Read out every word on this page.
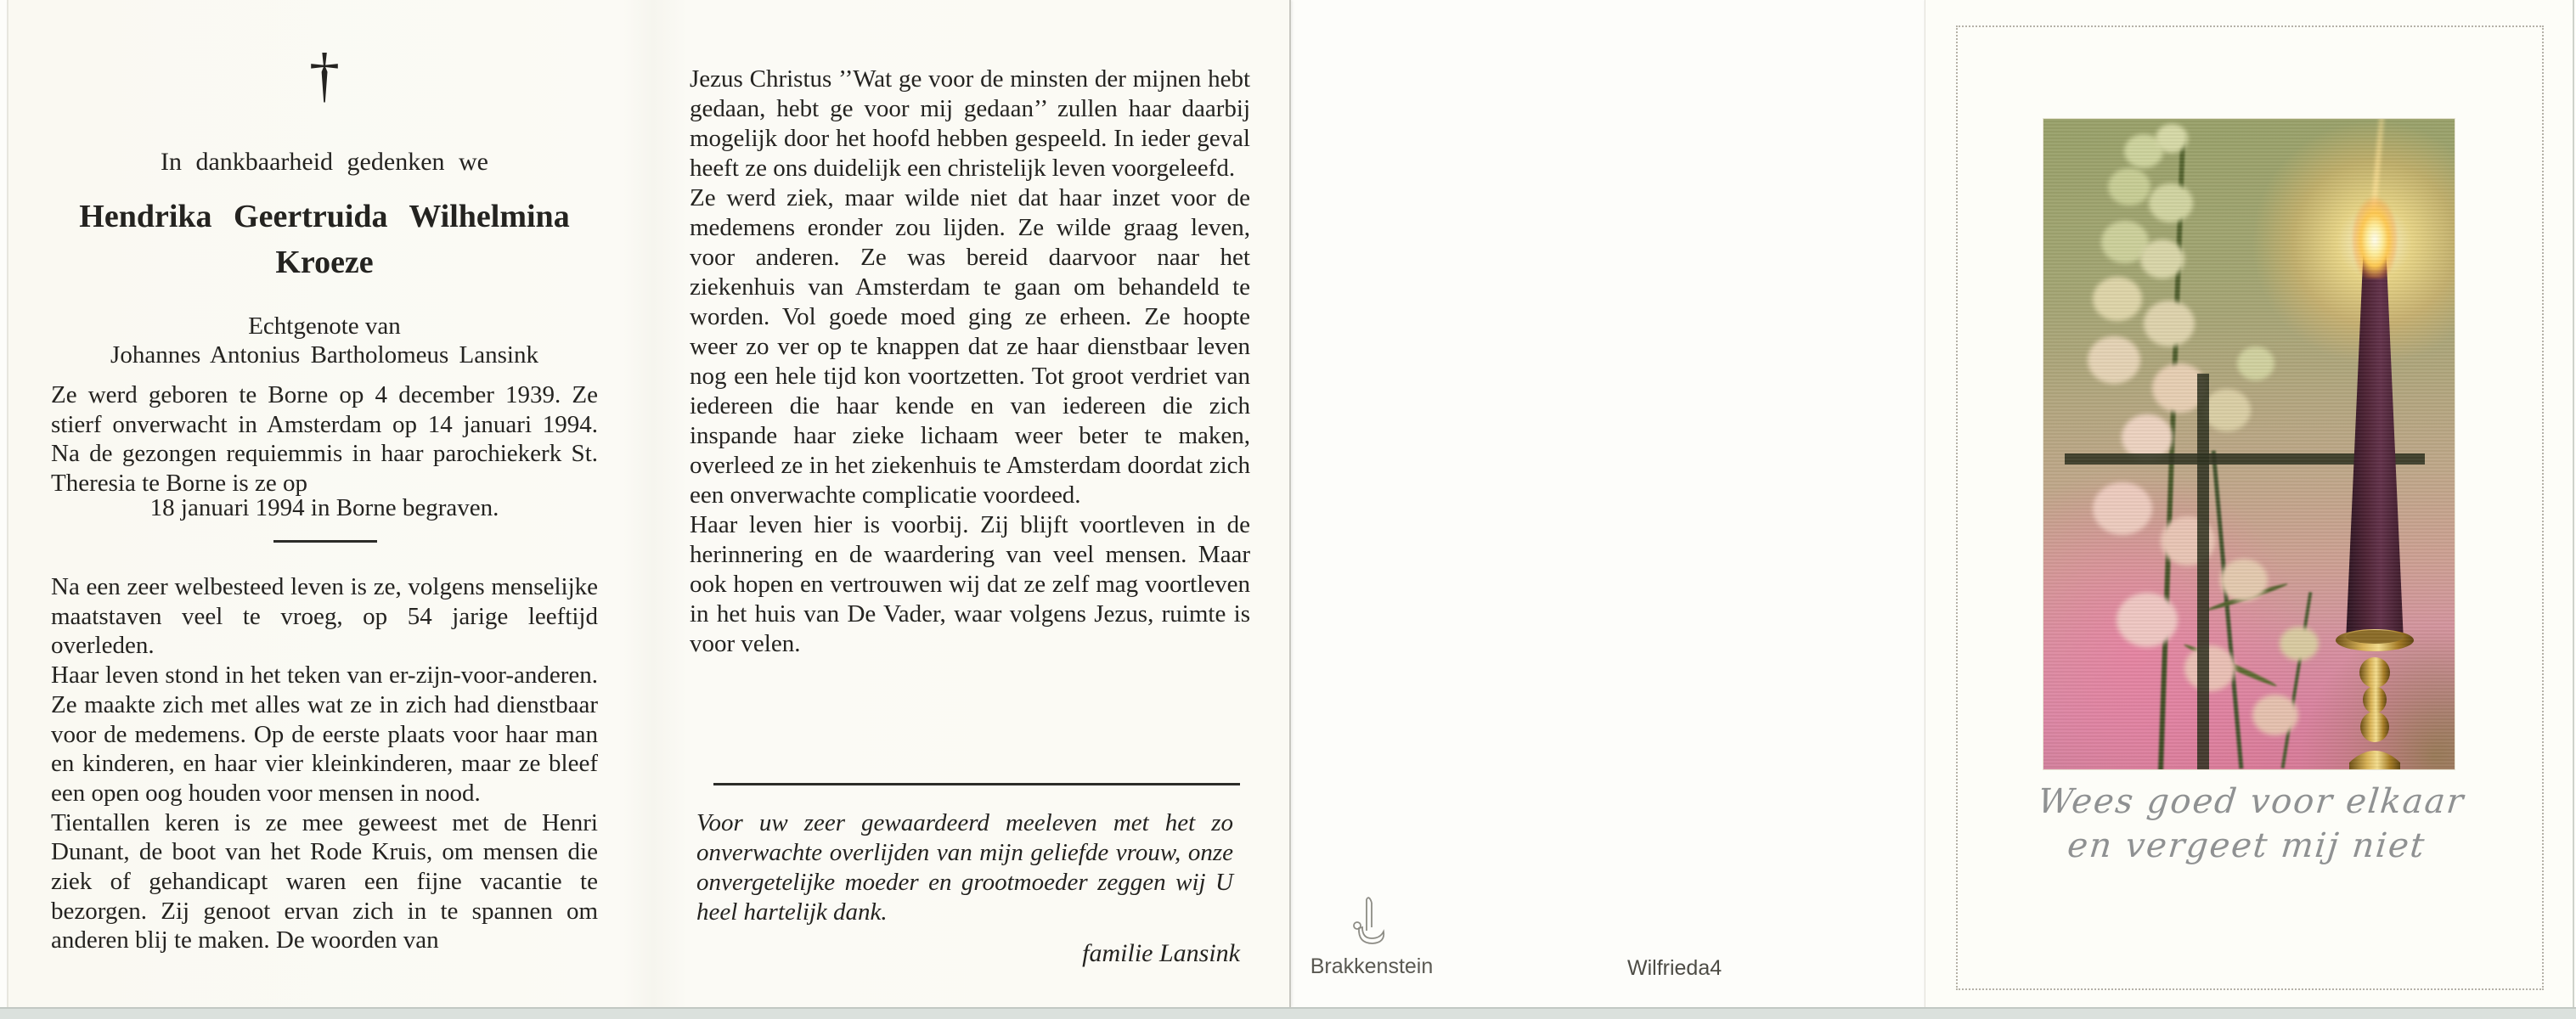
†
In dankbaarheid gedenken we
Hendrika Geertruida Wilhelmina
Kroeze
Echtgenote van
Johannes Antonius Bartholomeus Lansink
Ze werd geboren te Borne op 4 december 1939. Ze stierf onverwacht in Amsterdam op 14 januari 1994. Na de gezongen requiemmis in haar parochiekerk St. Theresia te Borne is ze op
18 januari 1994 in Borne begraven.

Na een zeer welbesteed leven is ze, volgens menselijke maatstaven veel te vroeg, op 54 jarige leeftijd overleden.

Haar leven stond in het teken van er-zijn-voor-anderen. Ze maakte zich met alles wat ze in zich had dienstbaar voor de medemens. Op de eerste plaats voor haar man en kinderen, en haar vier kleinkinderen, maar ze bleef een open oog houden voor mensen in nood.

Tientallen keren is ze mee geweest met de Henri Dunant, de boot van het Rode Kruis, om mensen die ziek of gehandicapt waren een fijne vacantie te bezorgen. Zij genoot ervan zich in te spannen om anderen blij te maken. De woorden van

Jezus Christus ’’Wat ge voor de minsten der mijnen hebt gedaan, hebt ge voor mij gedaan’’ zullen haar daarbij mogelijk door het hoofd hebben gespeeld. In ieder geval heeft ze ons duidelijk een christelijk leven voorgeleefd.

Ze werd ziek, maar wilde niet dat haar inzet voor de medemens eronder zou lijden. Ze wilde graag leven, voor anderen. Ze was bereid daarvoor naar het ziekenhuis van Amsterdam te gaan om behandeld te worden. Vol goede moed ging ze erheen. Ze hoopte weer zo ver op te knappen dat ze haar dienstbaar leven nog een hele tijd kon voortzetten. Tot groot verdriet van iedereen die haar kende en van iedereen die zich inspande haar zieke lichaam weer beter te maken, overleed ze in het ziekenhuis te Amsterdam doordat zich een onverwachte complicatie voordeed.

Haar leven hier is voorbij. Zij blijft voortleven in de herinnering en de waardering van veel mensen. Maar ook hopen en vertrouwen wij dat ze zelf mag voortleven in het huis van De Vader, waar volgens Jezus, ruimte is voor velen.

Voor uw zeer gewaardeerd meeleven met het zo onverwachte overlijden van mijn geliefde vrouw, onze onvergetelijke moeder en grootmoeder zeggen wij U heel hartelijk dank.
familie Lansink	Brakkenstein	Wilfrieda4
Wees goed voor elkaar
en vergeet mij niet
